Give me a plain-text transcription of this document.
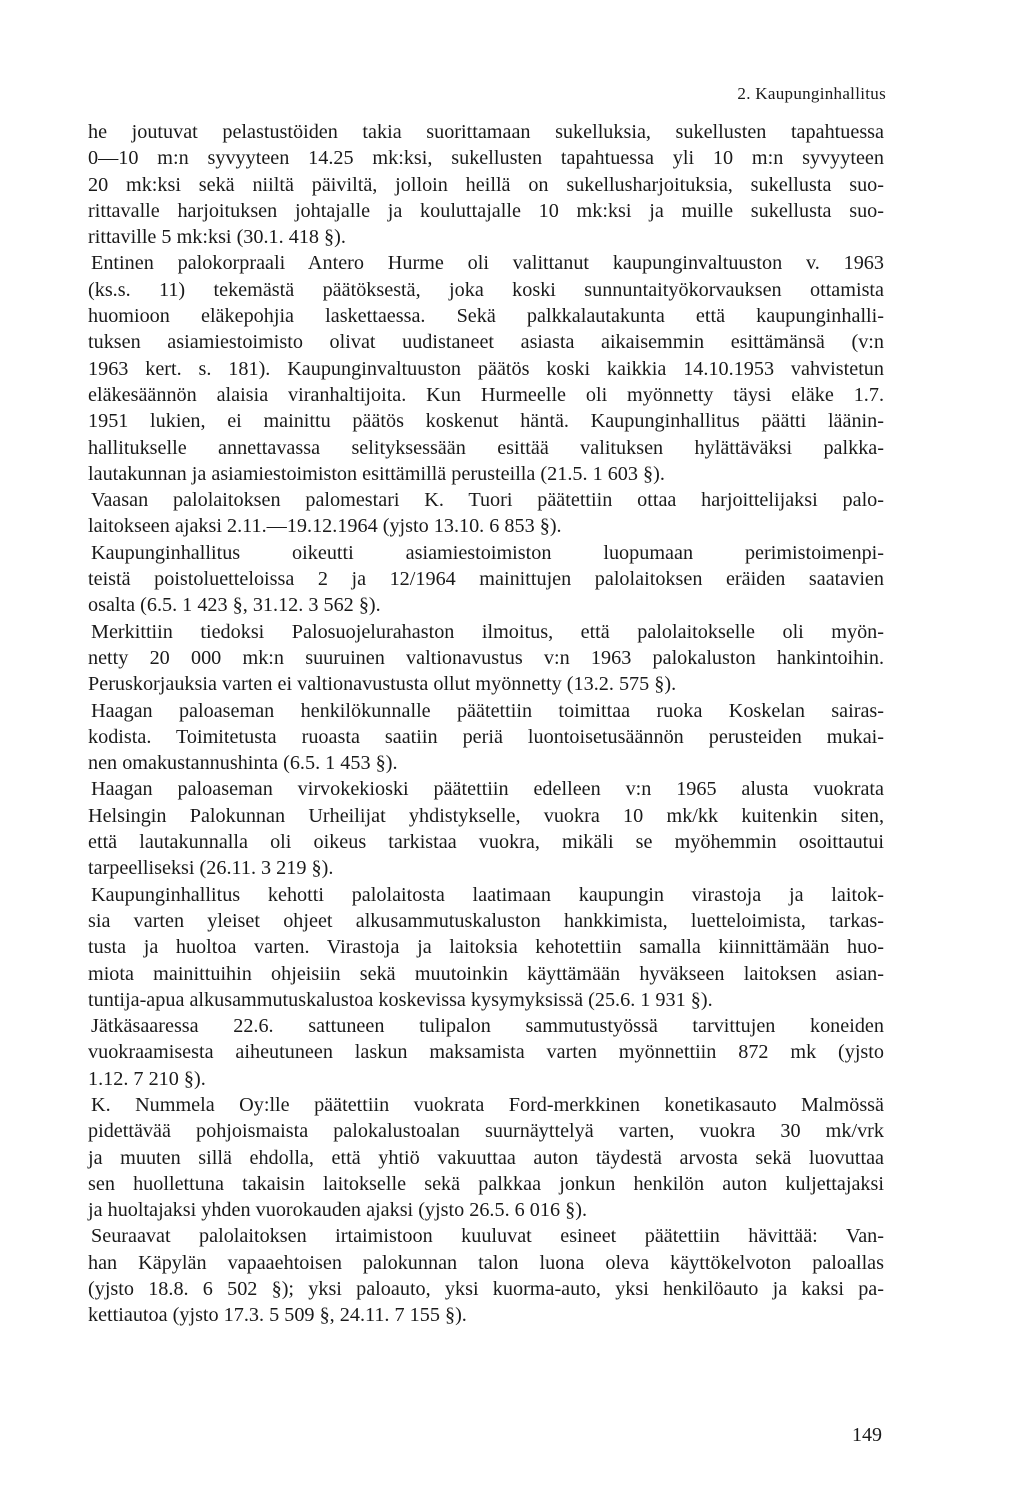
2. Kaupunginhallitus

he joutuvat pelastustöiden takia suorittamaan sukelluksia, sukellusten tapahtuessa
0—10 m:n syvyyteen 14.25 mk:ksi, sukellusten tapahtuessa yli 10 m:n syvyyteen
20 mk:ksi sekä niiltä päiviltä, jolloin heillä on sukellusharjoituksia, sukellusta suo-
rittavalle harjoituksen johtajalle ja kouluttajalle 10 mk:ksi ja muille sukellusta suo-
rittaville 5 mk:ksi (30.1. 418 §).

Entinen palokorpraali Antero Hurme oli valittanut kaupunginvaltuuston v. 1963
(ks.s. 11) tekemästä päätöksestä, joka koski sunnuntaityökorvauksen ottamista
huomioon eläkepohjia laskettaessa. Sekä palkkalautakunta että kaupunginhalli-
tuksen asiamiestoimisto olivat uudistaneet asiasta aikaisemmin esittämänsä (v:n
1963 kert. s. 181). Kaupunginvaltuuston päätös koski kaikkia 14.10.1953 vahvistetun
eläkesäännön alaisia viranhaltijoita. Kun Hurmeelle oli myönnetty täysi eläke 1.7.
1951 lukien, ei mainittu päätös koskenut häntä. Kaupunginhallitus päätti läänin-
hallitukselle annettavassa selityksessään esittää valituksen hylättäväksi palkka-
lautakunnan ja asiamiestoimiston esittämillä perusteilla (21.5. 1 603 §).

Vaasan palolaitoksen palomestari K. Tuori päätettiin ottaa harjoittelijaksi palo-
laitokseen ajaksi 2.11.—19.12.1964 (yjsto 13.10. 6 853 §).

Kaupunginhallitus oikeutti asiamiestoimiston luopumaan perimistoimenpi-
teistä poistoluetteloissa 2 ja 12/1964 mainittujen palolaitoksen eräiden saatavien
osalta (6.5. 1 423 §, 31.12. 3 562 §).

Merkittiin tiedoksi Palosuojelurahaston ilmoitus, että palolaitokselle oli myön-
netty 20 000 mk:n suuruinen valtionavustus v:n 1963 palokaluston hankintoihin.
Peruskorjauksia varten ei valtionavustusta ollut myönnetty (13.2. 575 §).

Haagan paloaseman henkilökunnalle päätettiin toimittaa ruoka Koskelan sairas-
kodista. Toimitetusta ruoasta saatiin periä luontoisetusäännön perusteiden mukai-
nen omakustannushinta (6.5. 1 453 §).

Haagan paloaseman virvokekioski päätettiin edelleen v:n 1965 alusta vuokrata
Helsingin Palokunnan Urheilijat yhdistykselle, vuokra 10 mk/kk kuitenkin siten,
että lautakunnalla oli oikeus tarkistaa vuokra, mikäli se myöhemmin osoittautui
tarpeelliseksi (26.11. 3 219 §).

Kaupunginhallitus kehotti palolaitosta laatimaan kaupungin virastoja ja laitok-
sia varten yleiset ohjeet alkusammutuskaluston hankkimista, luetteloimista, tarkas-
tusta ja huoltoa varten. Virastoja ja laitoksia kehotettiin samalla kiinnittämään huo-
miota mainittuihin ohjeisiin sekä muutoinkin käyttämään hyväkseen laitoksen asian-
tuntija-apua alkusammutuskalustoa koskevissa kysymyksissä (25.6. 1 931 §).

Jätkäsaaressa 22.6. sattuneen tulipalon sammutustyössä tarvittujen koneiden
vuokraamisesta aiheutuneen laskun maksamista varten myönnettiin 872 mk (yjsto
1.12. 7 210 §).

K. Nummela Oy:lle päätettiin vuokrata Ford-merkkinen konetikasauto Malmössä
pidettävää pohjoismaista palokalustoalan suurnäyttelyä varten, vuokra 30 mk/vrk
ja muuten sillä ehdolla, että yhtiö vakuuttaa auton täydestä arvosta sekä luovuttaa
sen huollettuna takaisin laitokselle sekä palkkaa jonkun henkilön auton kuljettajaksi
ja huoltajaksi yhden vuorokauden ajaksi (yjsto 26.5. 6 016 §).

Seuraavat palolaitoksen irtaimistoon kuuluvat esineet päätettiin hävittää: Van-
han Käpylän vapaaehtoisen palokunnan talon luona oleva käyttökelvoton paloallas
(yjsto 18.8. 6 502 §); yksi paloauto, yksi kuorma-auto, yksi henkilöauto ja kaksi pa-
kettiautoa (yjsto 17.3. 5 509 §, 24.11. 7 155 §).

149
